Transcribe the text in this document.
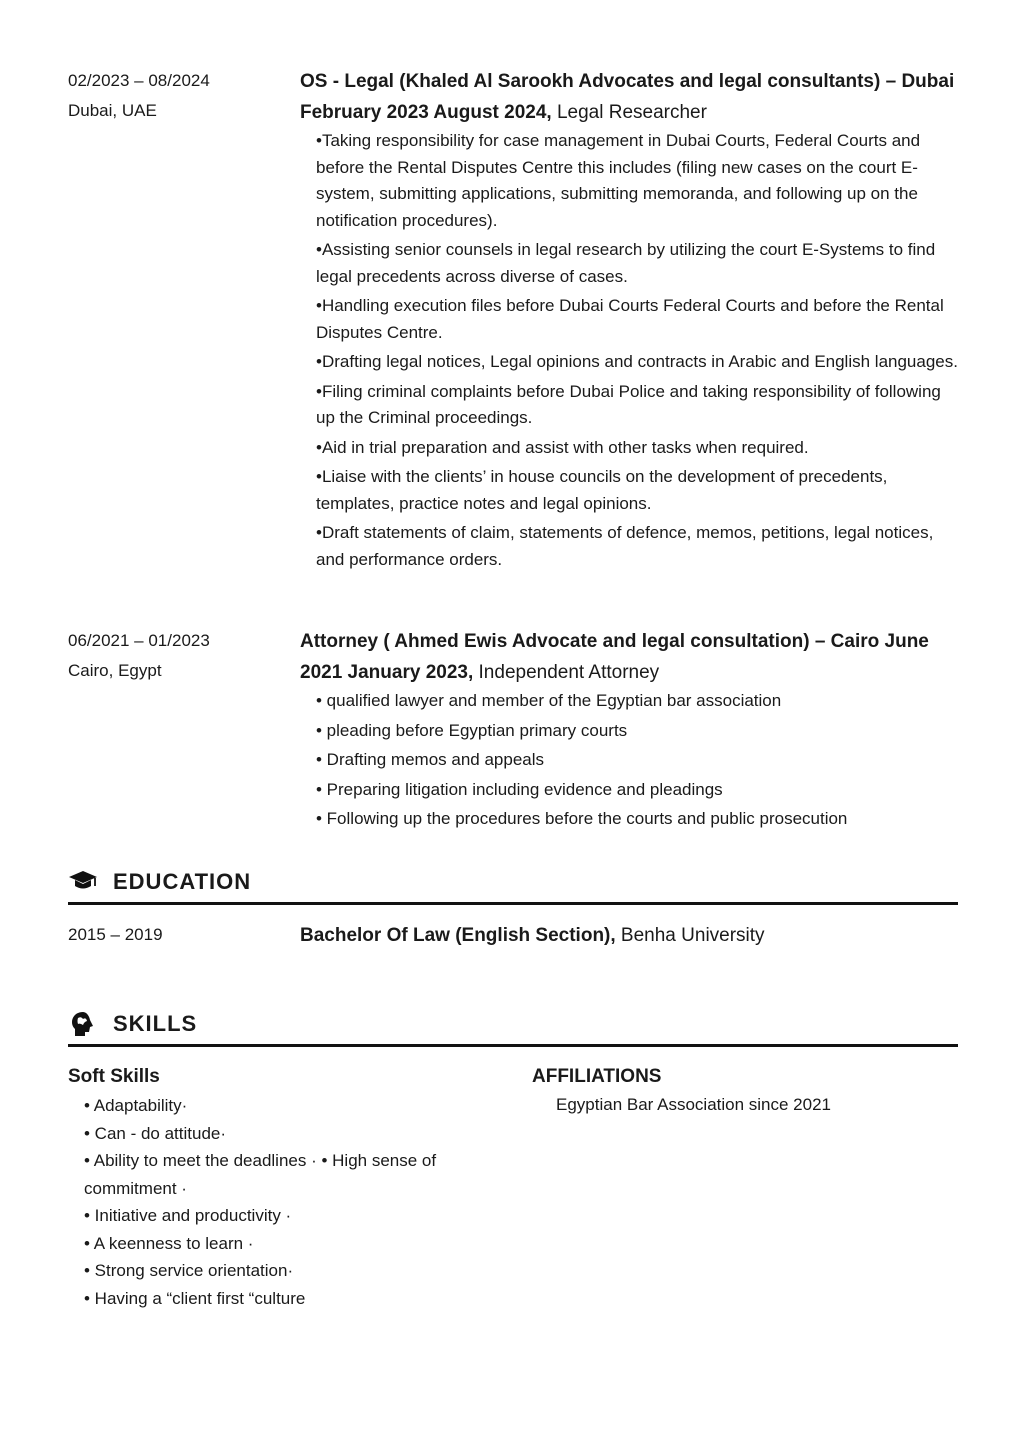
02/2023 – 08/2024
Dubai, UAE
OS - Legal (Khaled Al Sarookh Advocates and legal consultants) – Dubai February 2023 August 2024, Legal Researcher
•Taking responsibility for case management in Dubai Courts, Federal Courts and before the Rental Disputes Centre this includes (filing new cases on the court E-system, submitting applications, submitting memoranda, and following up on the notification procedures).
•Assisting senior counsels in legal research by utilizing the court E-Systems to find legal precedents across diverse of cases.
•Handling execution files before Dubai Courts Federal Courts and before the Rental Disputes Centre.
•Drafting legal notices, Legal opinions and contracts in Arabic and English languages.
•Filing criminal complaints before Dubai Police and taking responsibility of following up the Criminal proceedings.
•Aid in trial preparation and assist with other tasks when required.
•Liaise with the clients’ in house councils on the development of precedents, templates, practice notes and legal opinions.
•Draft statements of claim, statements of defence, memos, petitions, legal notices, and performance orders.
06/2021 – 01/2023
Cairo, Egypt
Attorney ( Ahmed Ewis Advocate and legal consultation) – Cairo June 2021 January 2023, Independent Attorney
• qualified lawyer and member of the Egyptian bar association
• pleading before Egyptian primary courts
• Drafting memos and appeals
• Preparing litigation including evidence and pleadings
• Following up the procedures before the courts and public prosecution
EDUCATION
2015 – 2019	Bachelor Of Law (English Section), Benha University
SKILLS
Soft Skills
• Adaptability·
• Can - do attitude·
• Ability to meet the deadlines · • High sense of commitment ·
• Initiative and productivity ·
• A keenness to learn ·
• Strong service orientation·
• Having a “client first “culture
AFFILIATIONS
Egyptian Bar Association since 2021
